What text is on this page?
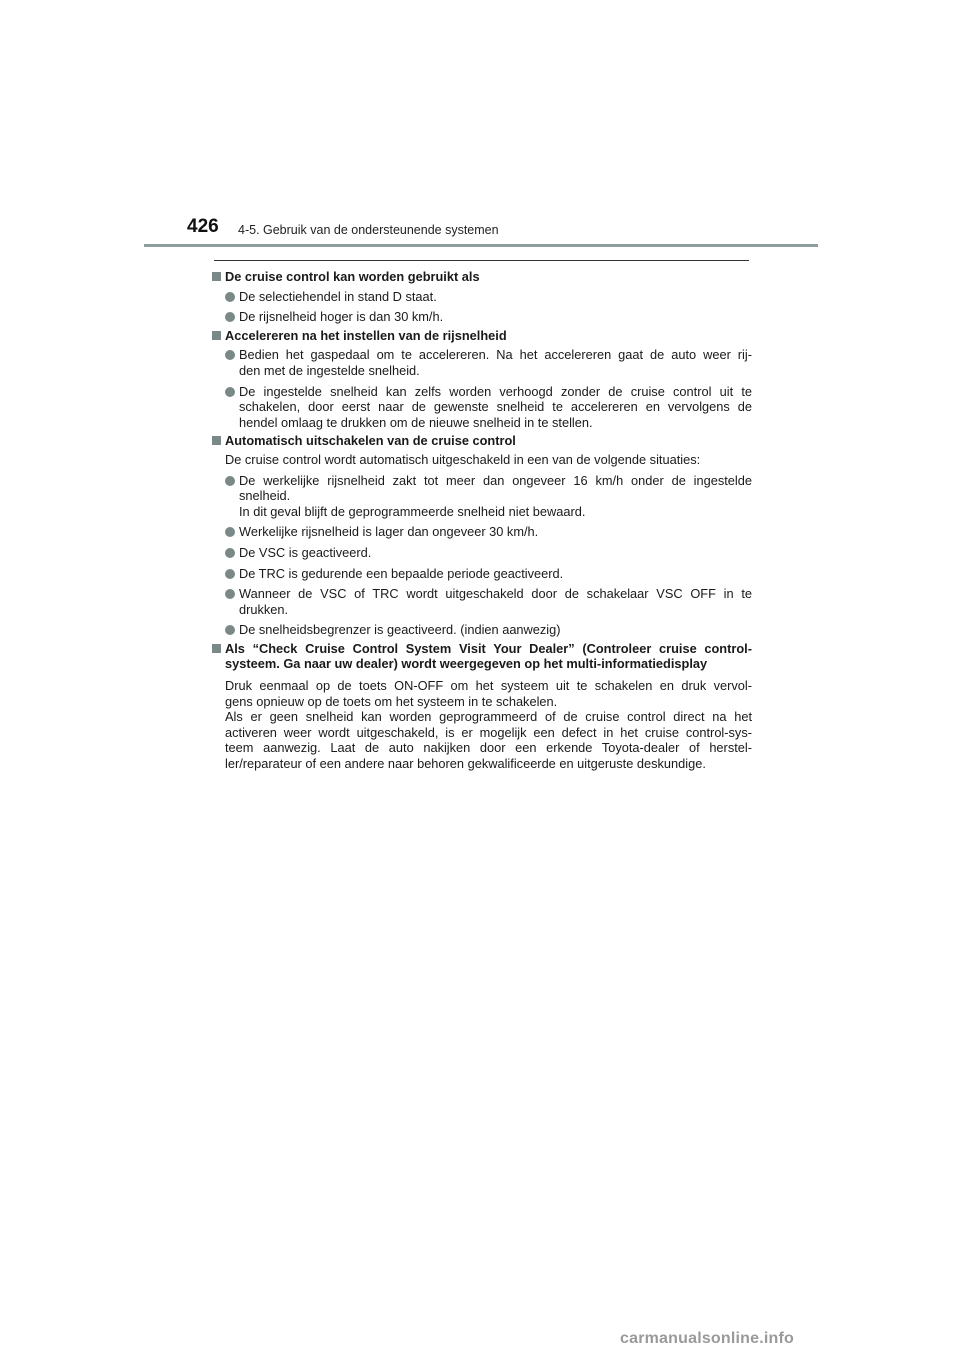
426 4-5. Gebruik van de ondersteunende systemen
De cruise control kan worden gebruikt als
De selectiehendel in stand D staat.
De rijsnelheid hoger is dan 30 km/h.
Accelereren na het instellen van de rijsnelheid
Bedien het gaspedaal om te accelereren. Na het accelereren gaat de auto weer rij-
den met de ingestelde snelheid.
De ingestelde snelheid kan zelfs worden verhoogd zonder de cruise control uit te
schakelen, door eerst naar de gewenste snelheid te accelereren en vervolgens de
hendel omlaag te drukken om de nieuwe snelheid in te stellen.
Automatisch uitschakelen van de cruise control
De cruise control wordt automatisch uitgeschakeld in een van de volgende situaties:
De werkelijke rijsnelheid zakt tot meer dan ongeveer 16 km/h onder de ingestelde
snelheid.
In dit geval blijft de geprogrammeerde snelheid niet bewaard.
Werkelijke rijsnelheid is lager dan ongeveer 30 km/h.
De VSC is geactiveerd.
De TRC is gedurende een bepaalde periode geactiveerd.
Wanneer de VSC of TRC wordt uitgeschakeld door de schakelaar VSC OFF in te
drukken.
De snelheidsbegrenzer is geactiveerd. (indien aanwezig)
Als “Check Cruise Control System Visit Your Dealer” (Controleer cruise control-
systeem. Ga naar uw dealer) wordt weergegeven op het multi-informatiedisplay
Druk eenmaal op de toets ON-OFF om het systeem uit te schakelen en druk vervol-
gens opnieuw op de toets om het systeem in te schakelen.
Als er geen snelheid kan worden geprogrammeerd of de cruise control direct na het
activeren weer wordt uitgeschakeld, is er mogelijk een defect in het cruise control-sys-
teem aanwezig. Laat de auto nakijken door een erkende Toyota-dealer of herstel-
ler/reparateur of een andere naar behoren gekwalificeerde en uitgeruste deskundige.
carmanualsonline.info
